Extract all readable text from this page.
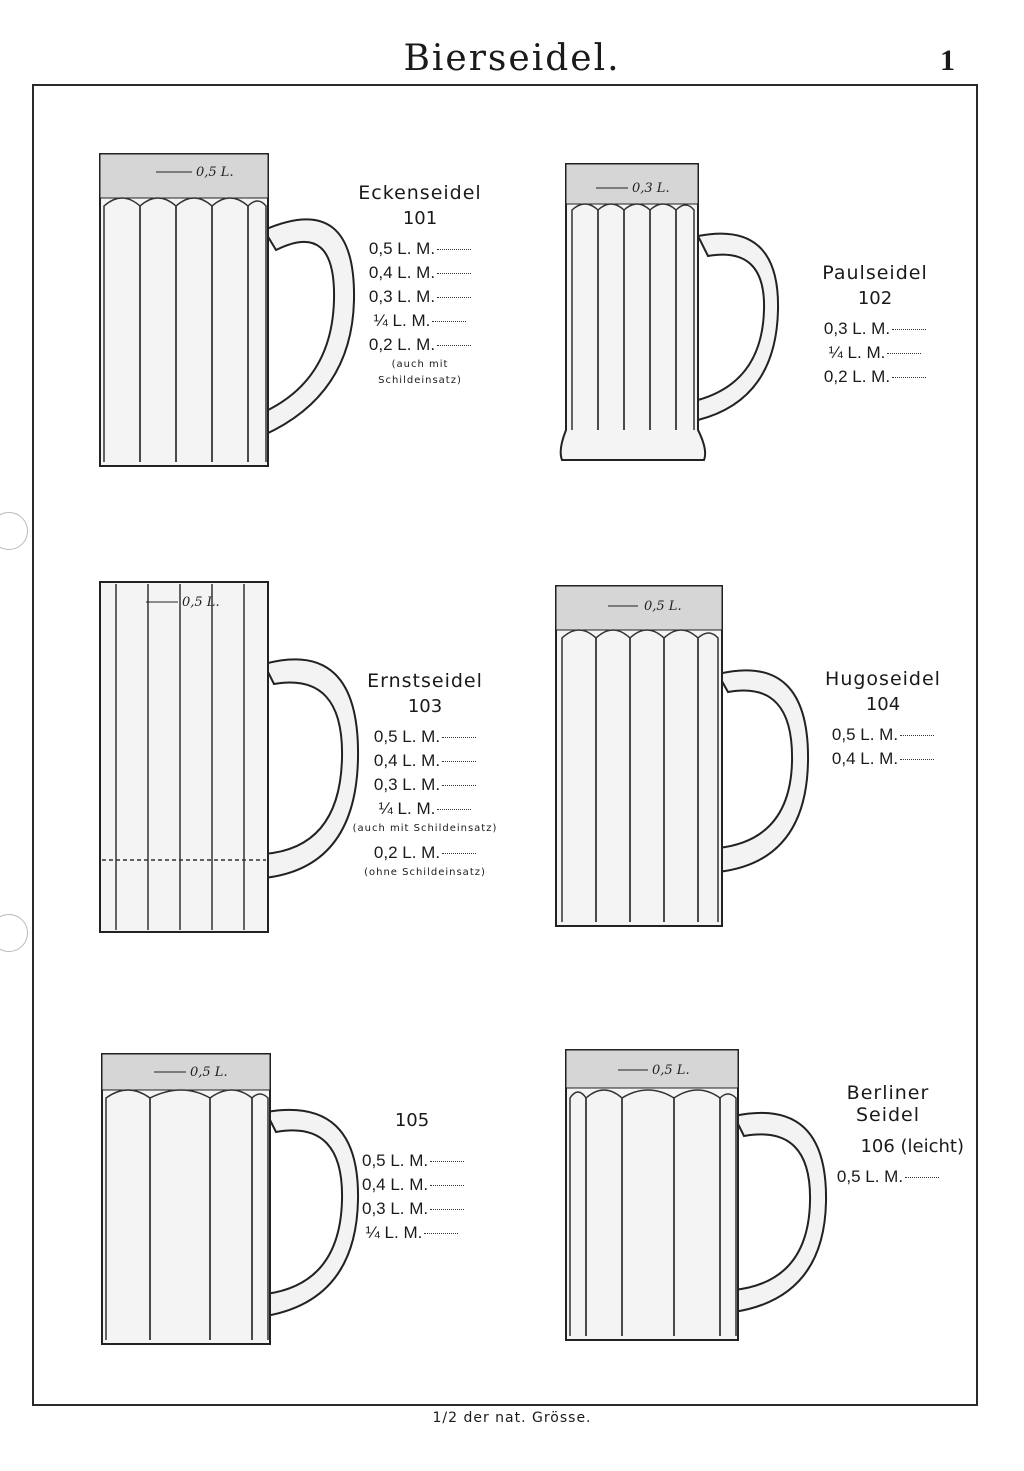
Bierseidel.	1
0,5 L.
Eckenseidel
101
0,5 L. M.
0,4 L. M.
0,3 L. M.
¼ L. M.
0,2 L. M.
(auch mit Schildeinsatz)
0,3 L.
Paulseidel
102
0,3 L. M.
¼ L. M.
0,2 L. M.
0,5 L.
Ernstseidel
103
0,5 L. M.
0,4 L. M.
0,3 L. M.
¼ L. M.
(auch mit Schildeinsatz)
0,2 L. M.
(ohne Schildeinsatz)
0,5 L.
Hugoseidel
104
0,5 L. M.
0,4 L. M.
0,5 L.
105
0,5 L. M.
0,4 L. M.
0,3 L. M.
¼ L. M.
0,5 L.
Berliner Seidel
106 (leicht)
0,5 L. M.
1/2 der nat. Grösse.
